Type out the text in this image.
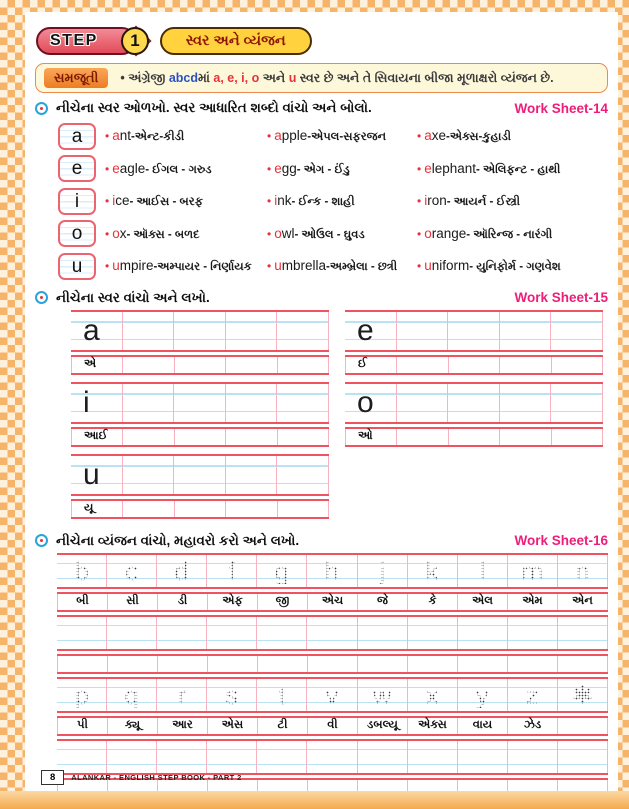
STEP	1	સ્વર અને વ્યંજન
સમજૂતી	• અંગ્રેજી abcdમાં a, e, i, o અને u સ્વર છે અને તે સિવાયના બીજા મૂળાક્ષરો વ્યંજન છે.
નીચેના સ્વર ઓળખો. સ્વર આધારિત શબ્દો વાંચો અને બોલો.	Work Sheet-14
a • a nt -એન્ટ-કીડી	• a pple -એપલ-સફરજન	• a xe -એક્સ-કુહાડી
e • e agle - ઈગલ - ગરુડ	• e gg - એગ - ઈંડુ	• e lephant - એલિફન્ટ - હાથી
i • i ce - આઈસ - બરફ	• i nk - ઈન્ક - શાહી	• i ron - આયર્ન - ઈસ્ત્રી
o • o x - ઑક્સ - બળદ	• o wl - ઓઉલ - ઘુવડ	• o range - ઑરિન્જ - નારંગી
u • u mpire -અમ્પાયર - નિર્ણાયક • u mbrella -અમ્બ્રેલા - છત્રી • u niform - યુનિફોર્મ - ગણવેશ
નીચેના સ્વર વાંચો અને લખો.	Work Sheet-15
a
એ
i
આઈ
u
યૂ
e
ઈ
o
ઓ
નીચેના વ્યંજન વાંચો, મહાવરો કરો અને લખો.	Work Sheet-16
b c d f g h j k l m n
બી	સી	ડી	એફ	જી	એચ	જે	કે	એલ	એમ	એન
p q r s t v w x y z ✱
પી	ક્યૂ	આર	એસ	ટી	વી	ડબલ્યૂ એક્સ વાય	ઝેડ
8	ALANKAR - ENGLISH STEP BOOK - PART 2
